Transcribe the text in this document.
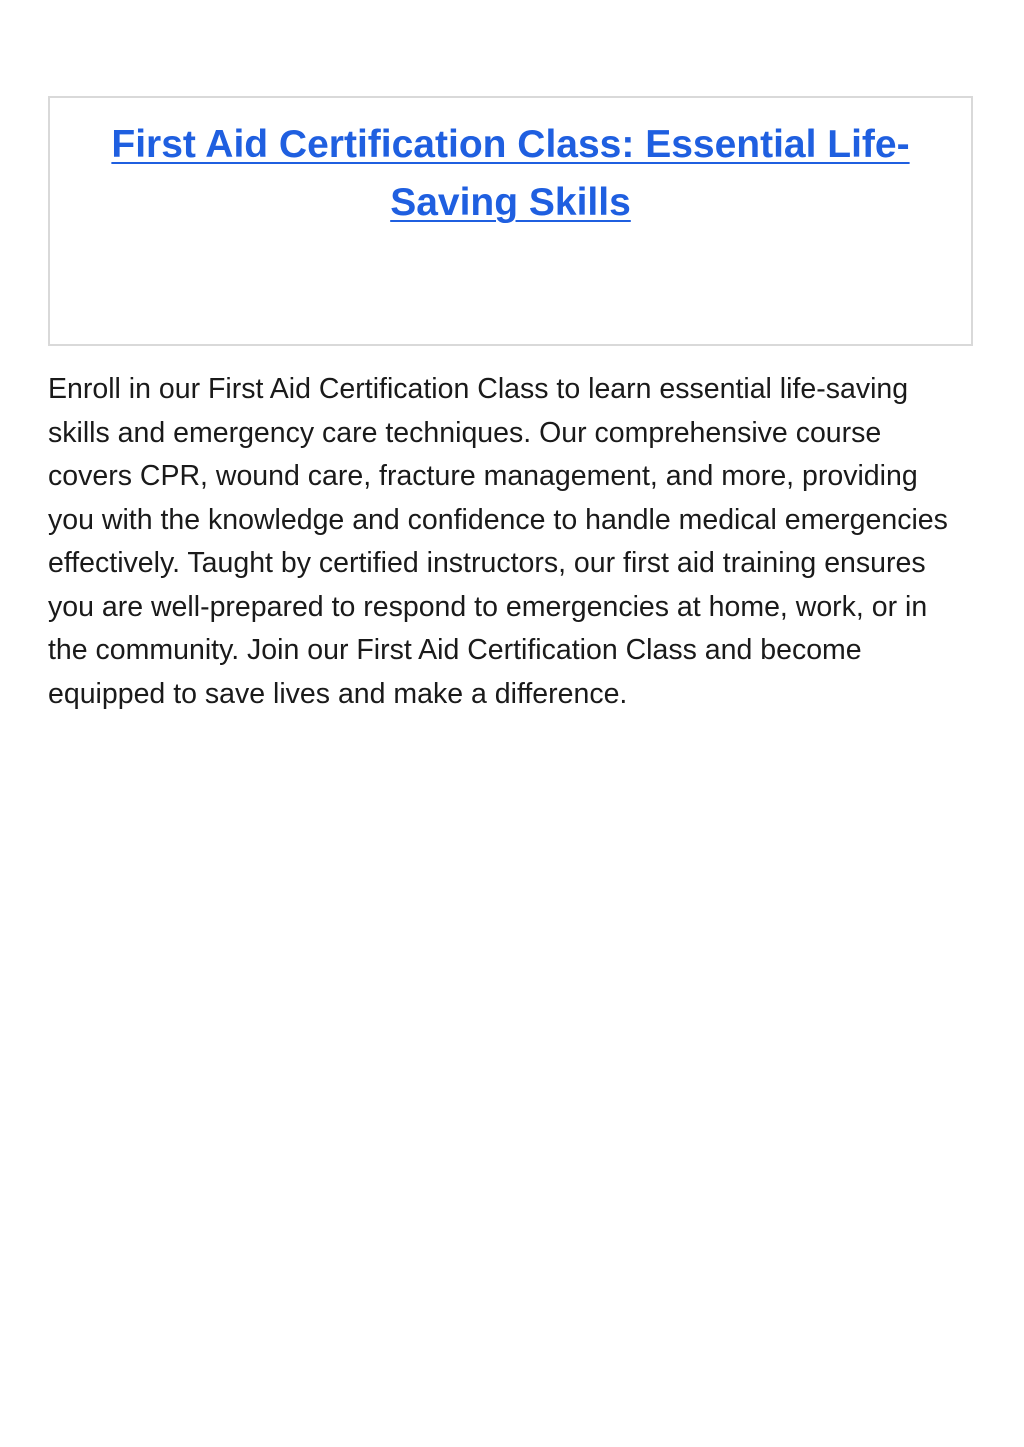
First Aid Certification Class: Essential Life-Saving Skills

Enroll in our First Aid Certification Class to learn essential life-saving skills and emergency care techniques. Our comprehensive course covers CPR, wound care, fracture management, and more, providing you with the knowledge and confidence to handle medical emergencies effectively. Taught by certified instructors, our first aid training ensures you are well-prepared to respond to emergencies at home, work, or in the community. Join our First Aid Certification Class and become equipped to save lives and make a difference.
